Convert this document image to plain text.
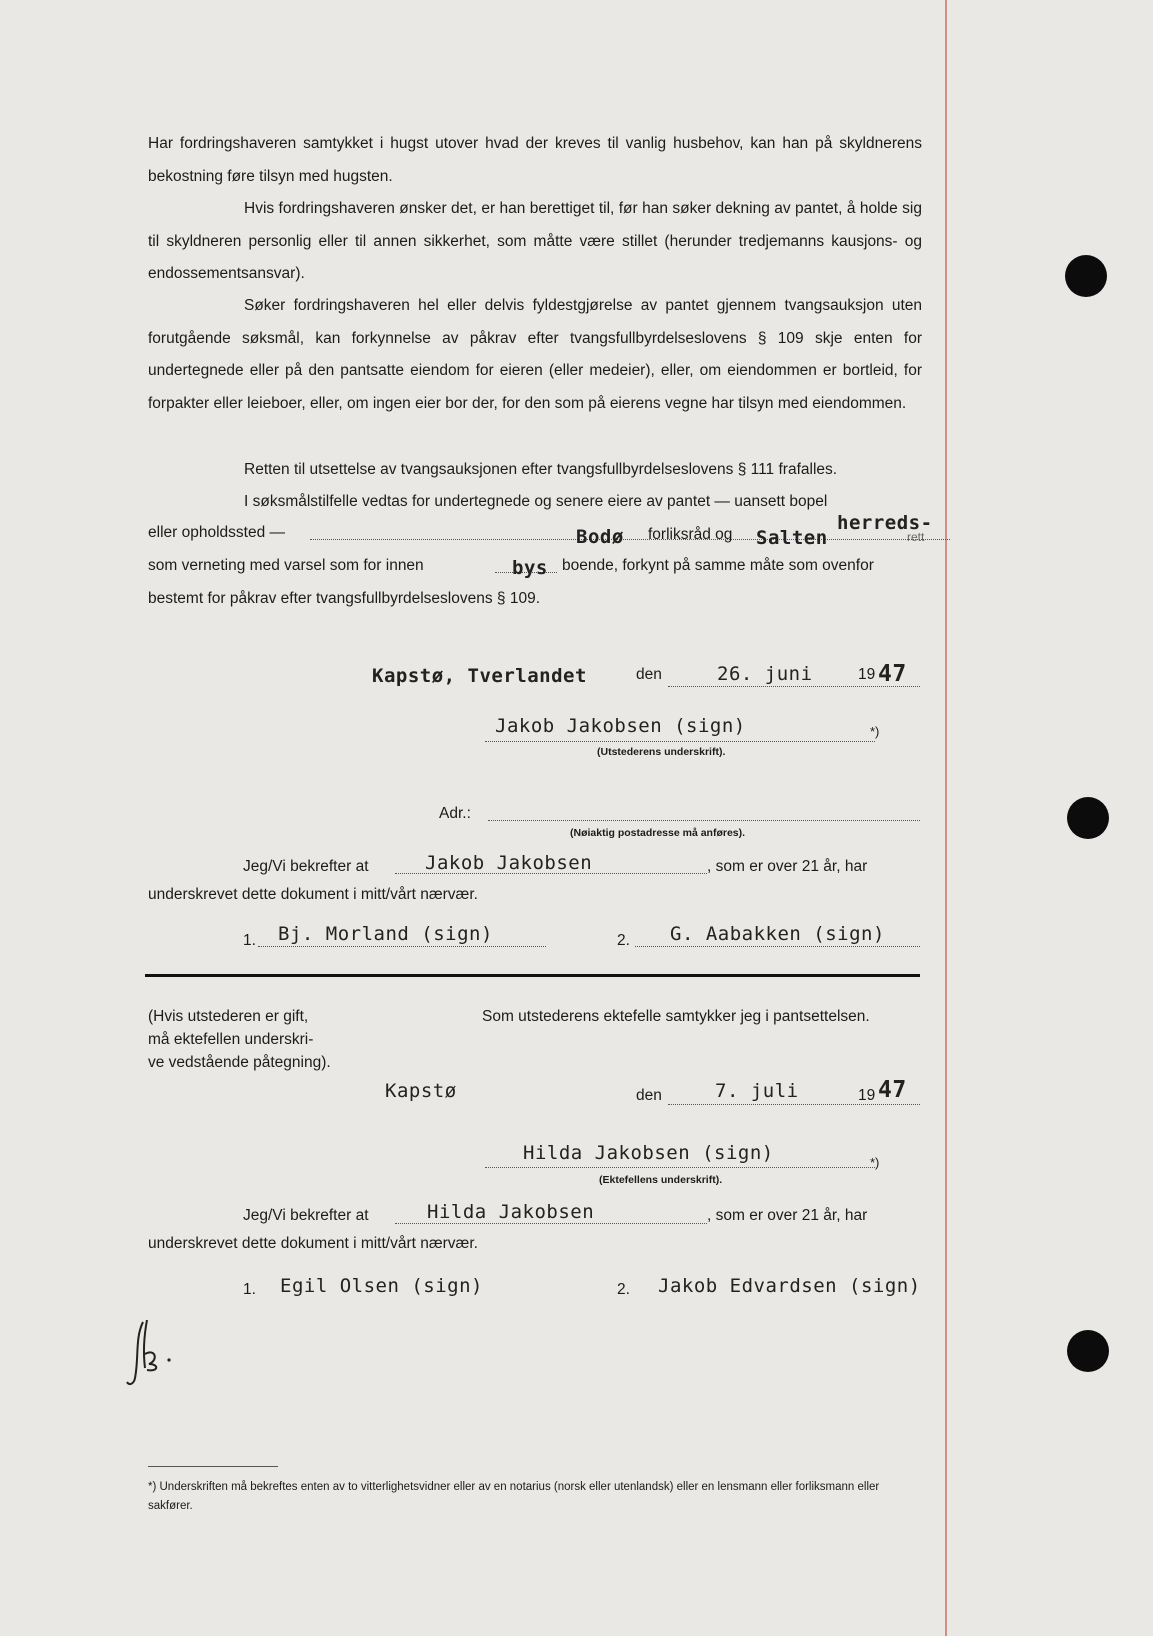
Har fordringshaveren samtykket i hugst utover hvad der kreves til vanlig husbehov, kan han på skyldnerens bekostning føre tilsyn med hugsten.

Hvis fordringshaveren ønsker det, er han berettiget til, før han søker dekning av pantet, å holde sig til skyldneren personlig eller til annen sikkerhet, som måtte være stillet (herunder tredjemanns kausjons- og endossementsansvar).

Søker fordringshaveren hel eller delvis fyldestgjørelse av pantet gjennem tvangsauksjon uten forutgående søksmål, kan forkynnelse av påkrav efter tvangsfullbyrdelseslovens § 109 skje enten for undertegnede eller på den pantsatte eiendom for eieren (eller medeier), eller, om eiendommen er bortleid, for forpakter eller leieboer, eller, om ingen eier bor der, for den som på eierens vegne har tilsyn med eiendommen.

Retten til utsettelse av tvangsauksjonen efter tvangsfullbyrdelseslovens § 111 frafalles.

I søksmålstilfelle vedtas for undertegnede og senere eiere av pantet — uansett bopel

eller opholdssted —	Bodø forliksråd og Salten
herreds-
rett
som verneting med varsel som for innen	bys boende, forkynt på samme måte som ovenfor
bestemt for påkrav efter tvangsfullbyrdelseslovens § 109.
Kapstø, Tverlandet	den	26. juni	19 47
Jakob Jakobsen (sign)	*)
(Utstederens underskrift).
Adr.:
(Nøiaktig postadresse må anføres).
Jeg/Vi bekrefter at	Jakob Jakobsen	, som er over 21 år, har
underskrevet dette dokument i mitt/vårt nærvær.
1. Bj. Morland (sign)	2. G. Aabakken (sign)
(Hvis utstederen er gift,
må ektefellen underskri-
ve vedstående påtegning).
Som utstederens ektefelle samtykker jeg i pantsettelsen.
Kapstø	den	7. juli	19 47
Hilda Jakobsen (sign)	*)
(Ektefellens underskrift).
Jeg/Vi bekrefter at	Hilda Jakobsen	, som er over 21 år, har
underskrevet dette dokument i mitt/vårt nærvær.
1. Egil Olsen (sign)	2. Jakob Edvardsen (sign)

*) Underskriften må bekreftes enten av to vitterlighetsvidner eller av en notarius (norsk eller utenlandsk) eller en lensmann eller forliksmann eller sakfører.
